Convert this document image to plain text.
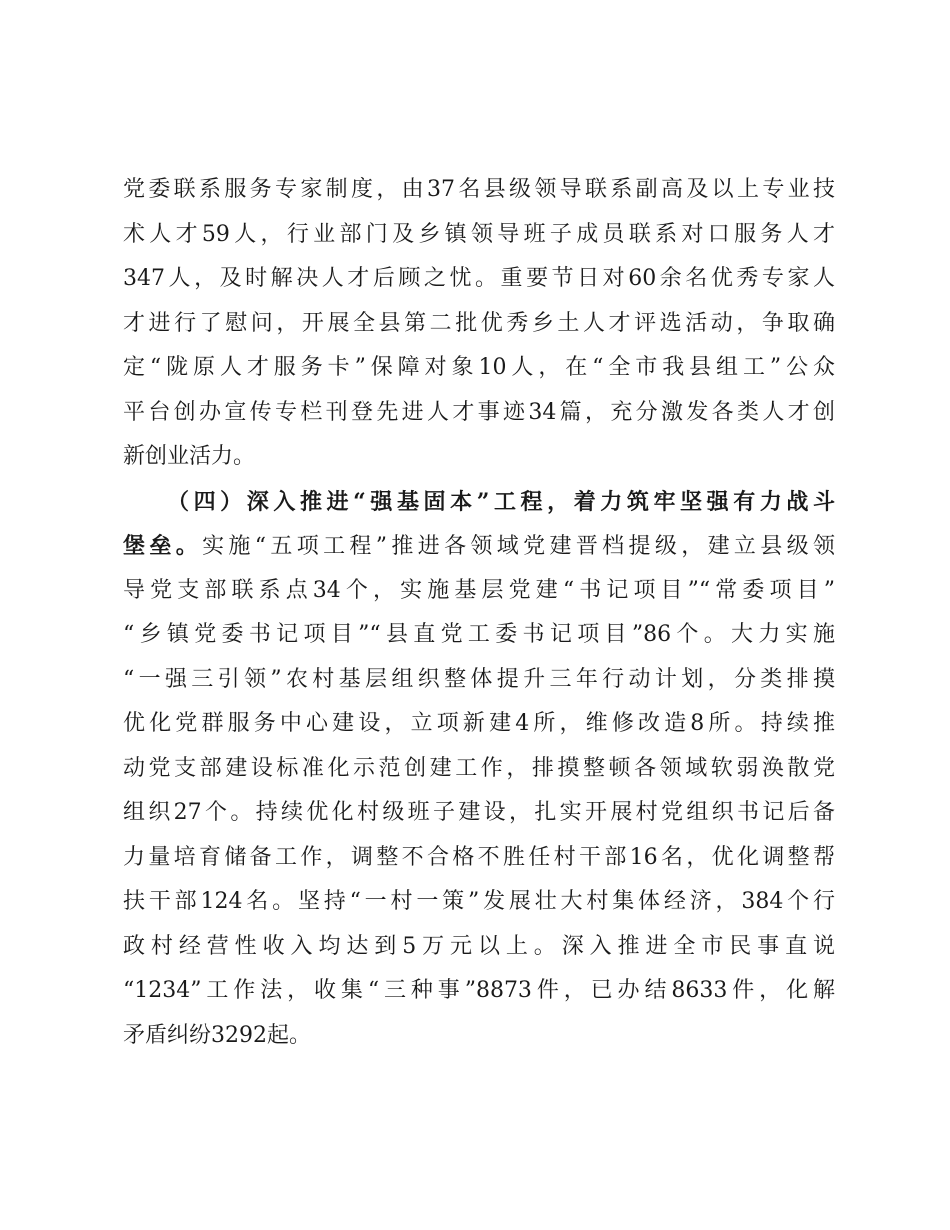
党委联系服务专家制度，由37名县级领导联系副高及以上专业技
术人才59人，行业部门及乡镇领导班子成员联系对口服务人才
347人，及时解决人才后顾之忧。重要节日对60余名优秀专家人
才进行了慰问，开展全县第二批优秀乡土人才评选活动，争取确
定“陇原人才服务卡”保障对象10人，在“全市我县组工”公众
平台创办宣传专栏刊登先进人才事迹34篇，充分激发各类人才创
新创业活力。
（四）深入推进“强基固本”工程，着力筑牢坚强有力战斗
堡垒。实施“五项工程”推进各领域党建晋档提级，建立县级领
导党支部联系点34个，实施基层党建“书记项目”“常委项目”
“乡镇党委书记项目”“县直党工委书记项目”86个。大力实施
“一强三引领”农村基层组织整体提升三年行动计划，分类排摸
优化党群服务中心建设，立项新建4所，维修改造8所。持续推
动党支部建设标准化示范创建工作，排摸整顿各领域软弱涣散党
组织27个。持续优化村级班子建设，扎实开展村党组织书记后备
力量培育储备工作，调整不合格不胜任村干部16名，优化调整帮
扶干部124名。坚持“一村一策”发展壮大村集体经济，384个行
政村经营性收入均达到5万元以上。深入推进全市民事直说
“1234”工作法，收集“三种事”8873件，已办结8633件，化解
矛盾纠纷3292起。
